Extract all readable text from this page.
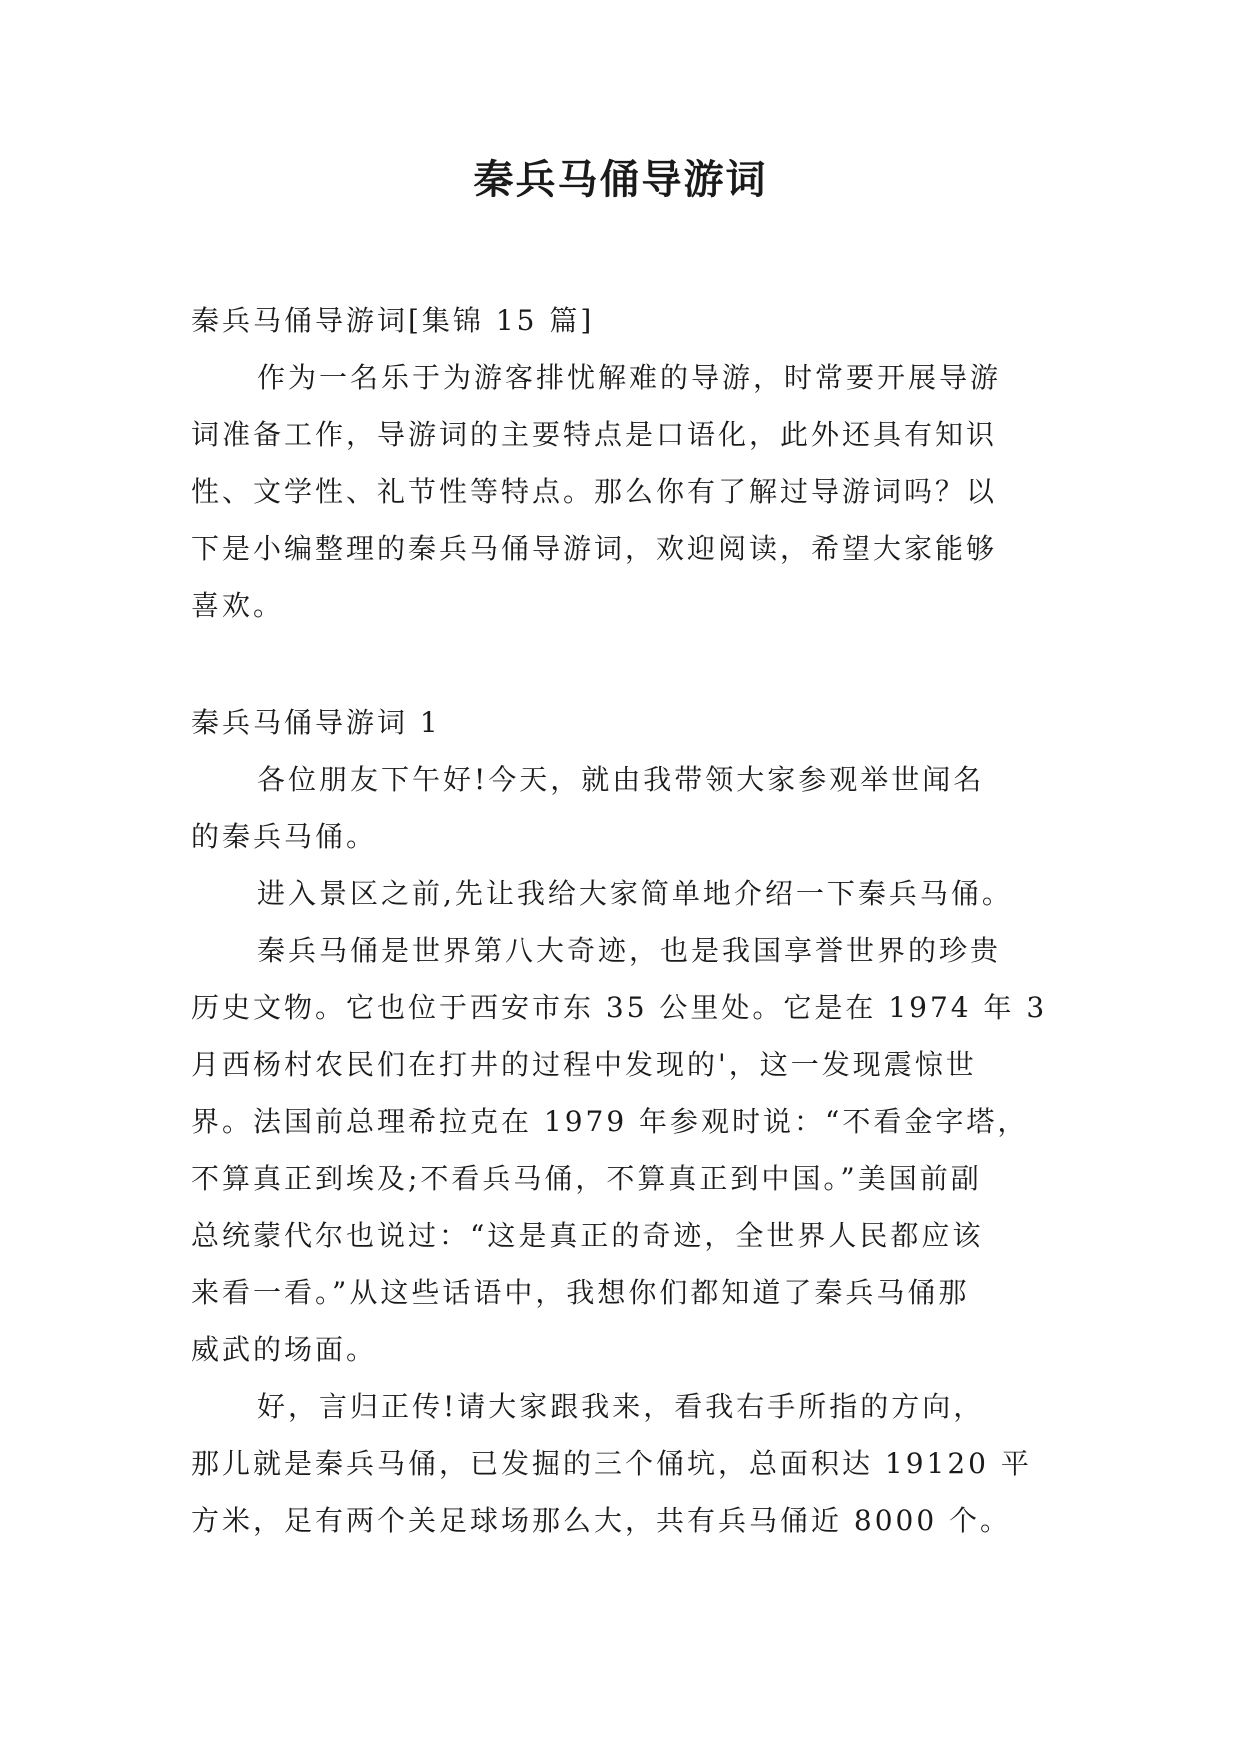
秦兵马俑导游词

秦兵马俑导游词[集锦 15 篇]

作为一名乐于为游客排忧解难的导游，时常要开展导游

词准备工作，导游词的主要特点是口语化，此外还具有知识

性、文学性、礼节性等特点。那么你有了解过导游词吗？以

下是小编整理的秦兵马俑导游词，欢迎阅读，希望大家能够

喜欢。

秦兵马俑导游词 1

各位朋友下午好!今天，就由我带领大家参观举世闻名

的秦兵马俑。

进入景区之前,先让我给大家简单地介绍一下秦兵马俑。

秦兵马俑是世界第八大奇迹，也是我国享誉世界的珍贵

历史文物。它也位于西安市东 35 公里处。它是在 1974 年 3

月西杨村农民们在打井的过程中发现的'，这一发现震惊世

界。法国前总理希拉克在 1979 年参观时说：“不看金字塔，

不算真正到埃及;不看兵马俑，不算真正到中国。”美国前副

总统蒙代尔也说过：“这是真正的奇迹，全世界人民都应该

来看一看。”从这些话语中，我想你们都知道了秦兵马俑那

威武的场面。

好，言归正传!请大家跟我来，看我右手所指的方向，

那儿就是秦兵马俑，已发掘的三个俑坑，总面积达 19120 平

方米，足有两个关足球场那么大，共有兵马俑近 8000 个。
